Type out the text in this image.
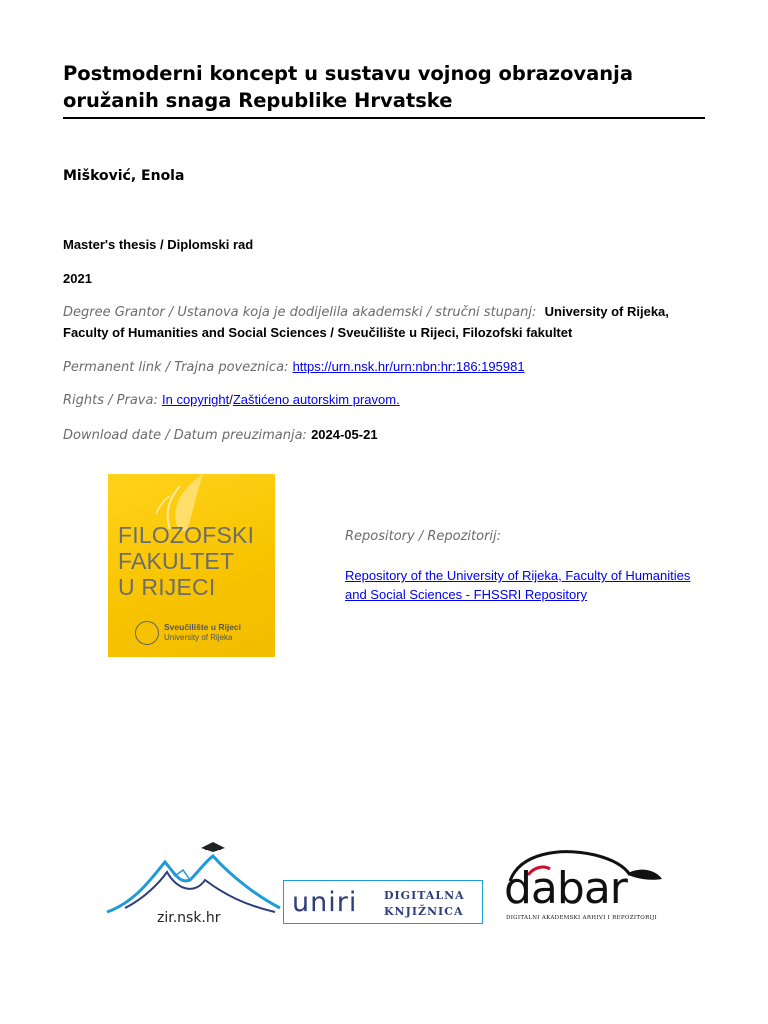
Postmoderni koncept u sustavu vojnog obrazovanja oružanih snaga Republike Hrvatske
Mišković, Enola
Master's thesis / Diplomski rad
2021
Degree Grantor / Ustanova koja je dodijelila akademski / stručni stupanj: University of Rijeka, Faculty of Humanities and Social Sciences / Sveučilište u Rijeci, Filozofski fakultet
Permanent link / Trajna poveznica: https://urn.nsk.hr/urn:nbn:hr:186:195981
Rights / Prava: In copyright/Zaštićeno autorskim pravom.
Download date / Datum preuzimanja: 2024-05-21
FILOZOFSKI
FAKULTET
U RIJECI
Sveučilište u Rijeci
University of Rijeka
Repository / Repozitorij:
Repository of the University of Rijeka, Faculty of Humanities and Social Sciences - FHSSRI Repository
zir.nsk.hr	uniri DIGITALNA
KNJIŽNICA dabar
DIGITALNI AKADEMSKI ARHIVI I REPOZITORIJI
